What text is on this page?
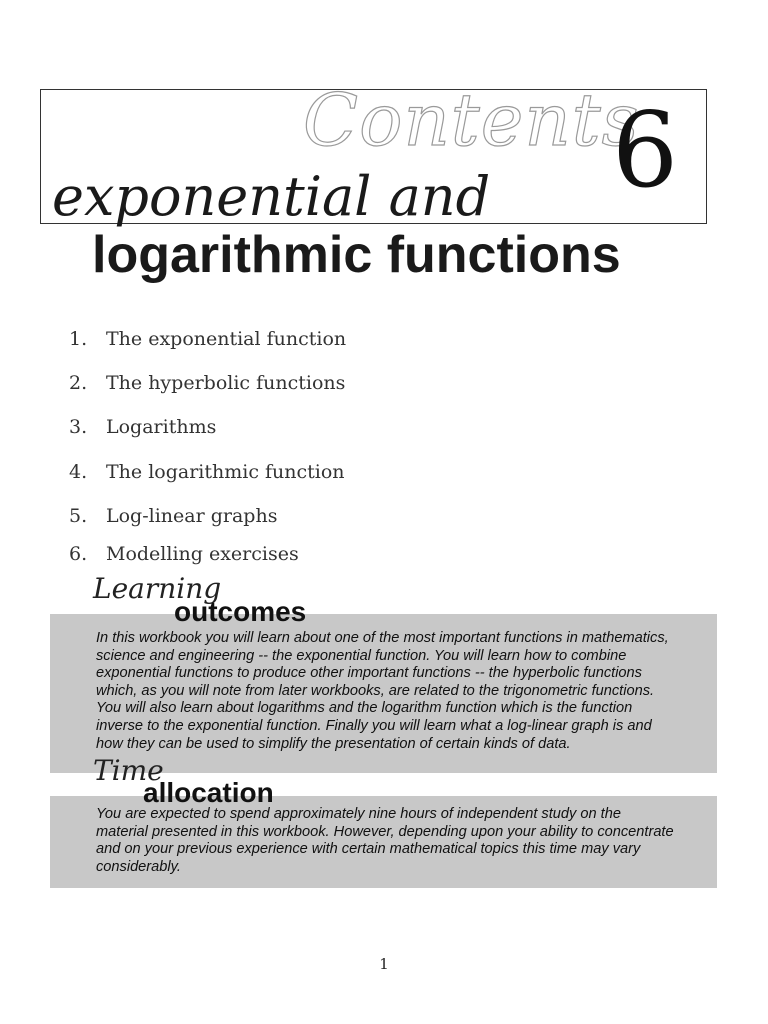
Contents
6
exponential and
logarithmic functions
1. The exponential function
2. The hyperbolic functions
3. Logarithms
4. The logarithmic function
5. Log-linear graphs
6. Modelling exercises
Learning
outcomes
In this workbook you will learn about one of the most important functions in mathematics,
science and engineering -- the exponential function. You will learn how to combine
exponential functions to produce other important functions -- the hyperbolic functions
which, as you will note from later workbooks, are related to the trigonometric functions.
You will also learn about logarithms and the logarithm function which is the function
inverse to the exponential function. Finally you will learn what a log-linear graph is and
how they can be used to simplify the presentation of certain kinds of data.
Time
allocation
You are expected to spend approximately nine hours of independent study on the
material presented in this workbook. However, depending upon your ability to concentrate
and on your previous experience with certain mathematical topics this time may vary
considerably.
1
